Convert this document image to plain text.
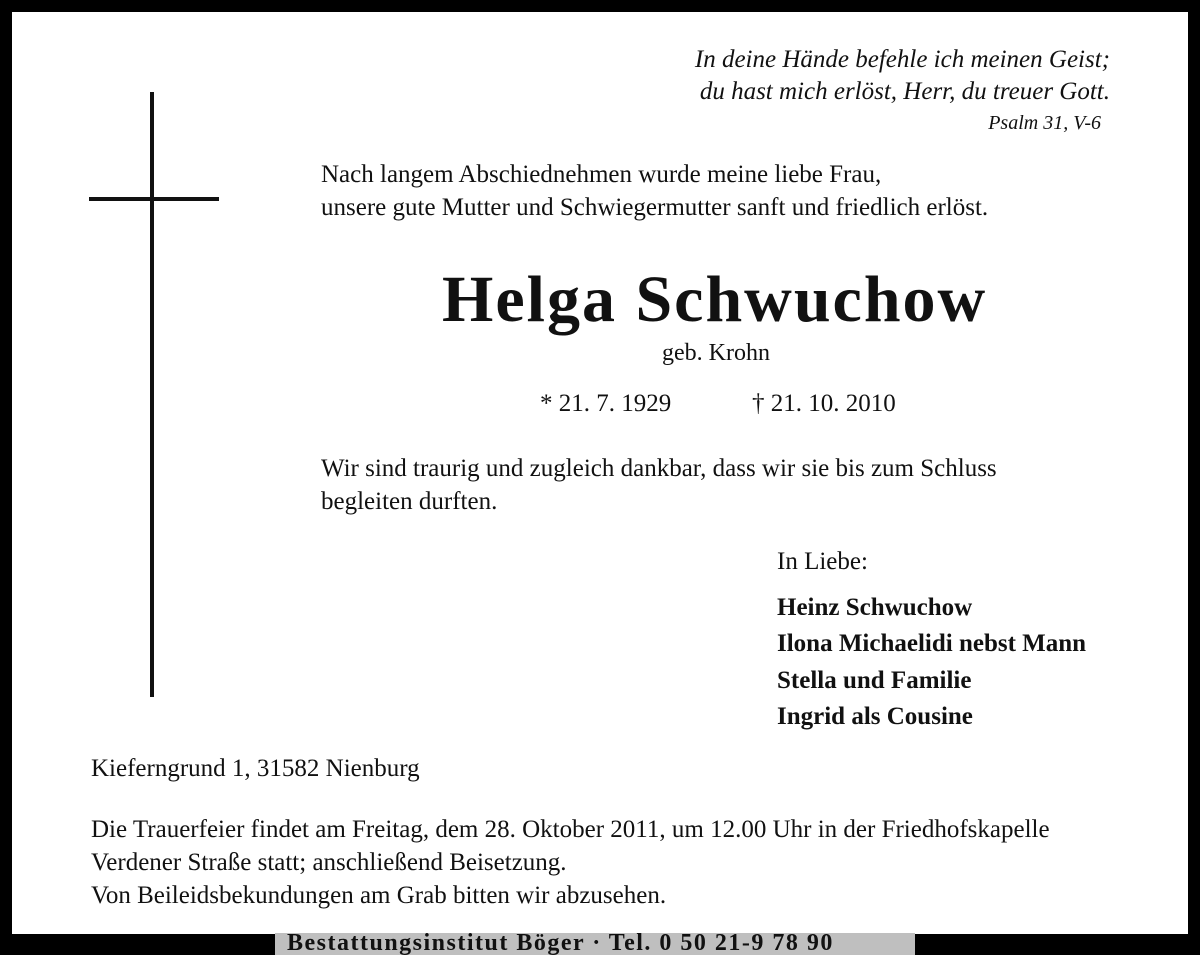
In deine Hände befehle ich meinen Geist;
du hast mich erlöst, Herr, du treuer Gott.
Psalm 31, V-6
Nach langem Abschiednehmen wurde meine liebe Frau,
unsere gute Mutter und Schwiegermutter sanft und friedlich erlöst.
Helga Schwuchow
geb. Krohn
* 21. 7. 1929	† 21. 10. 2010
Wir sind traurig und zugleich dankbar, dass wir sie bis zum Schluss
begleiten durften.
In Liebe:
Heinz Schwuchow
Ilona Michaelidi nebst Mann
Stella und Familie
Ingrid als Cousine
Kieferngrund 1, 31582 Nienburg
Die Trauerfeier findet am Freitag, dem 28. Oktober 2011, um 12.00 Uhr in der Friedhofskapelle
Verdener Straße statt; anschließend Beisetzung.
Von Beileidsbekundungen am Grab bitten wir abzusehen.
Bestattungsinstitut Böger · Tel. 0 50 21-9 78 90
